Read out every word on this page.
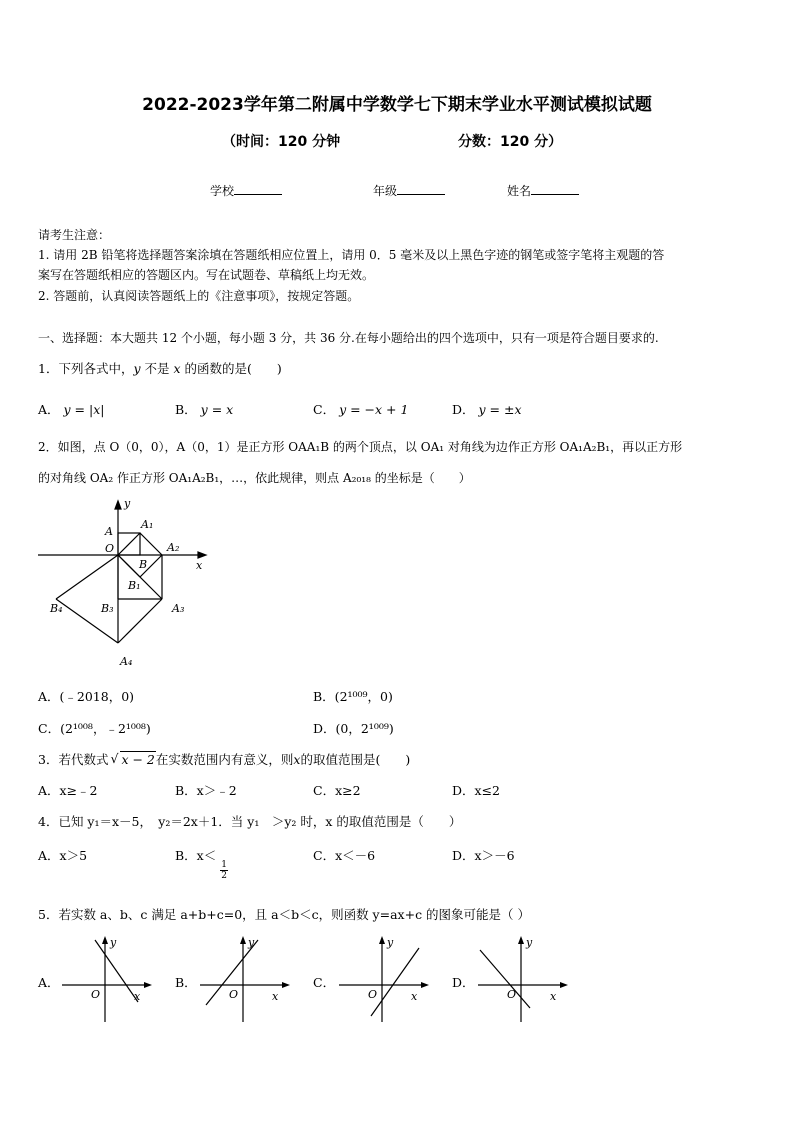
2022-2023学年第二附属中学数学七下期末学业水平测试模拟试题
（时间：120 分钟	分数：120 分）
学校	年级	姓名
请考生注意：
1. 请用 2B 铅笔将选择题答案涂填在答题纸相应位置上，请用 0．5 毫米及以上黑色字迹的钢笔或签字笔将主观题的答
案写在答题纸相应的答题区内。写在试题卷、草稿纸上均无效。
2. 答题前，认真阅读答题纸上的《注意事项》，按规定答题。
一、选择题：本大题共 12 个小题，每小题 3 分，共 36 分.在每小题给出的四个选项中，只有一项是符合题目要求的.
1．下列各式中，y 不是 x 的函数的是(　　)
A． y = |x|	B． y = x	C． y = −x + 1	D． y = ±x
2．如图，点 O（0，0），A（0，1）是正方形 OAA₁B 的两个顶点，以 OA₁ 对角线为边作正方形 OA₁A₂B₁，再以正方形
的对角线 OA₂ 作正方形 OA₁A₂B₁，…，依此规律，则点 A₂₀₁₈ 的坐标是（　　）
y
x
A
O
A₁
A₂
B
B₁
B₃
B₄	A₃
A₄
A．(﹣2018，0)	B．(2¹⁰⁰⁹，0)
C．(2¹⁰⁰⁸，﹣2¹⁰⁰⁸)	D．(0，2¹⁰⁰⁹)
3．若代数式 √ x − 2在实数范围内有意义，则x的取值范围是(　　)
A．x≥﹣2	B．x＞﹣2	C．x≥2	D．x≤2
4．已知 y₁＝x－5，　y₂＝2x＋1．当 y₁　＞y₂ 时，x 的取值范围是（　　）
A．x＞5	B．x＜
$\frac{1}{2}$
C．x＜－6	D．x＞－6
5．若实数 a、b、c 满足 a+b+c=0，且 a＜b＜c，则函数 y=ax+c 的图象可能是（ ）
A．	B．	C．	D．
y
x
O
y
x
O
y
x
O
y
x
O
